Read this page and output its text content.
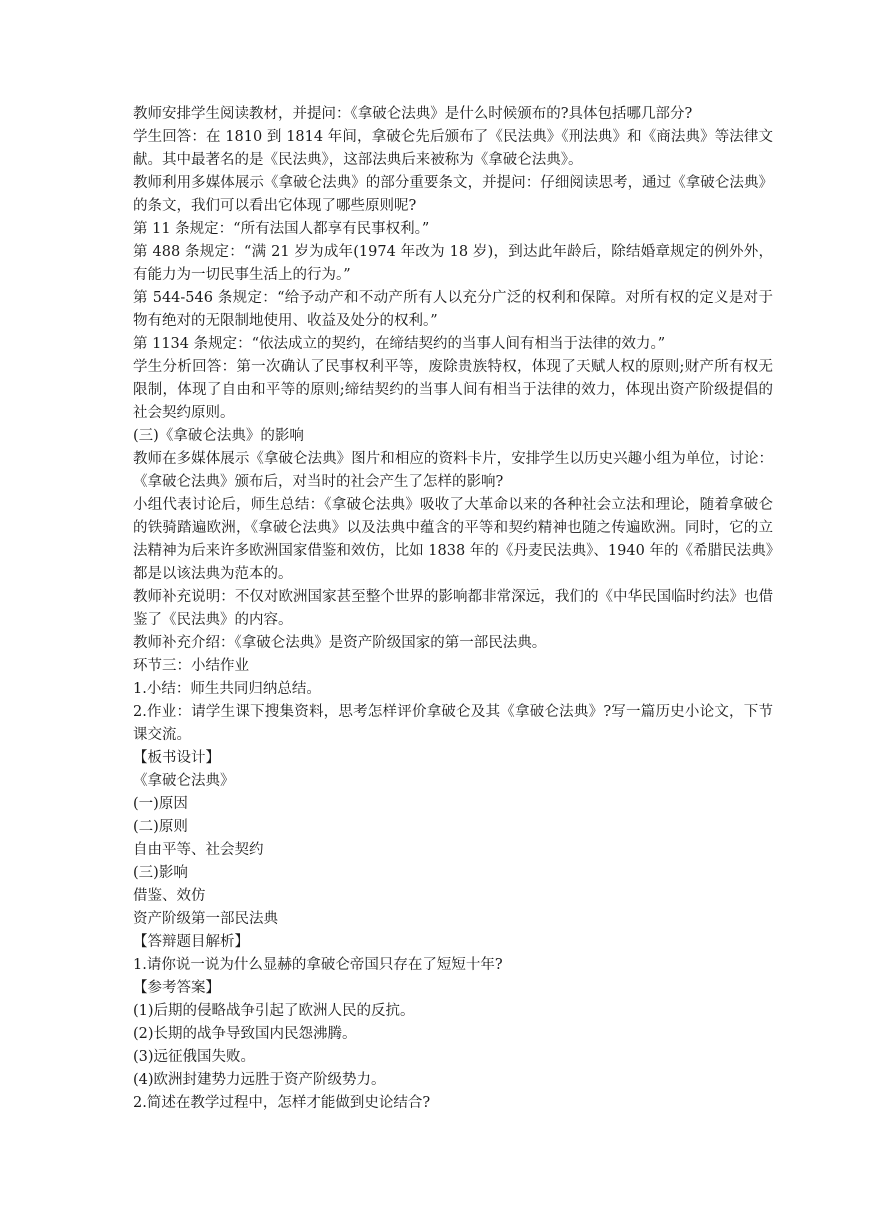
教师安排学生阅读教材，并提问：《拿破仑法典》是什么时候颁布的?具体包括哪几部分?

学生回答：在 1810 到 1814 年间，拿破仑先后颁布了《民法典》《刑法典》和《商法典》等法律文献。其中最著名的是《民法典》，这部法典后来被称为《拿破仑法典》。

教师利用多媒体展示《拿破仑法典》的部分重要条文，并提问：仔细阅读思考，通过《拿破仑法典》的条文，我们可以看出它体现了哪些原则呢?

第 11 条规定：“所有法国人都享有民事权利。”

第 488 条规定：“满 21 岁为成年(1974 年改为 18 岁)，到达此年龄后，除结婚章规定的例外外，有能力为一切民事生活上的行为。”

第 544-546 条规定：“给予动产和不动产所有人以充分广泛的权利和保障。对所有权的定义是对于物有绝对的无限制地使用、收益及处分的权利。”

第 1134 条规定：“依法成立的契约，在缔结契约的当事人间有相当于法律的效力。”

学生分析回答：第一次确认了民事权利平等，废除贵族特权，体现了天赋人权的原则;财产所有权无限制，体现了自由和平等的原则;缔结契约的当事人间有相当于法律的效力，体现出资产阶级提倡的社会契约原则。

(三)《拿破仑法典》的影响

教师在多媒体展示《拿破仑法典》图片和相应的资料卡片，安排学生以历史兴趣小组为单位，讨论：《拿破仑法典》颁布后，对当时的社会产生了怎样的影响?

小组代表讨论后，师生总结：《拿破仑法典》吸收了大革命以来的各种社会立法和理论，随着拿破仑的铁骑踏遍欧洲，《拿破仑法典》以及法典中蕴含的平等和契约精神也随之传遍欧洲。同时，它的立法精神为后来许多欧洲国家借鉴和效仿，比如 1838 年的《丹麦民法典》、1940 年的《希腊民法典》都是以该法典为范本的。

教师补充说明：不仅对欧洲国家甚至整个世界的影响都非常深远，我们的《中华民国临时约法》也借鉴了《民法典》的内容。

教师补充介绍：《拿破仑法典》是资产阶级国家的第一部民法典。

环节三：小结作业

1.小结：师生共同归纳总结。

2.作业：请学生课下搜集资料，思考怎样评价拿破仑及其《拿破仑法典》?写一篇历史小论文，下节课交流。

【板书设计】

《拿破仑法典》

(一)原因

(二)原则

自由平等、社会契约

(三)影响

借鉴、效仿

资产阶级第一部民法典

【答辩题目解析】

1.请你说一说为什么显赫的拿破仑帝国只存在了短短十年?

【参考答案】

(1)后期的侵略战争引起了欧洲人民的反抗。

(2)长期的战争导致国内民怨沸腾。

(3)远征俄国失败。

(4)欧洲封建势力远胜于资产阶级势力。

2.简述在教学过程中，怎样才能做到史论结合?
